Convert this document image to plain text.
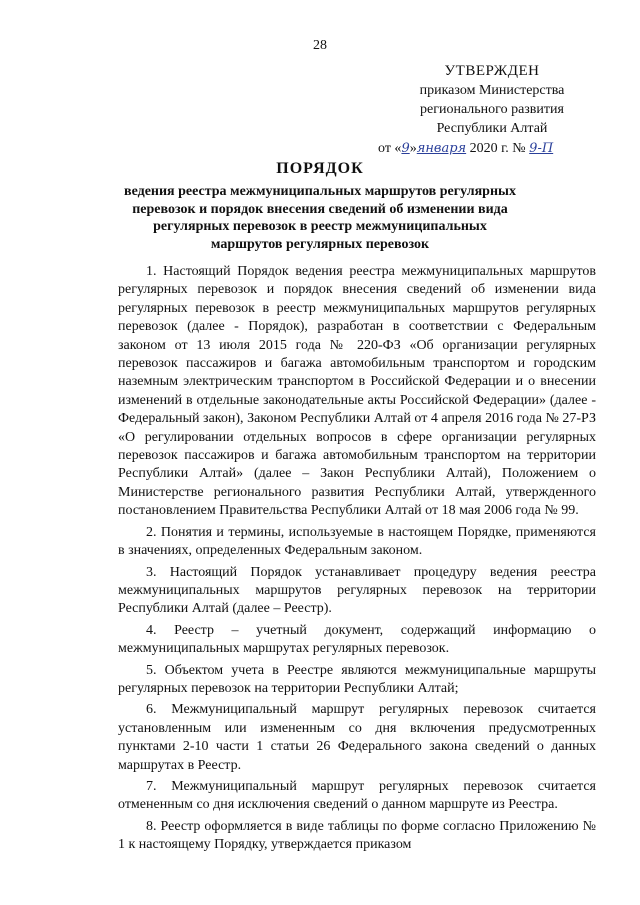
28
УТВЕРЖДЕН
приказом Министерства
регионального развития
Республики Алтай
от «9»января 2020 г. № 9-П
ПОРЯДОК
ведения реестра межмуниципальных маршрутов регулярных перевозок и порядок внесения сведений об изменении вида регулярных перевозок в реестр межмуниципальных маршрутов регулярных перевозок

1. Настоящий Порядок ведения реестра межмуниципальных маршрутов регулярных перевозок и порядок внесения сведений об изменении вида регулярных перевозок в реестр межмуниципальных маршрутов регулярных перевозок (далее - Порядок), разработан в соответствии с Федеральным законом от 13 июля 2015 года № 220-ФЗ «Об организации регулярных перевозок пассажиров и багажа автомобильным транспортом и городским наземным электрическим транспортом в Российской Федерации и о внесении изменений в отдельные законодательные акты Российской Федерации» (далее - Федеральный закон), Законом Республики Алтай от 4 апреля 2016 года № 27-РЗ «О регулировании отдельных вопросов в сфере организации регулярных перевозок пассажиров и багажа автомобильным транспортом на территории Республики Алтай» (далее – Закон Республики Алтай), Положением о Министерстве регионального развития Республики Алтай, утвержденного постановлением Правительства Республики Алтай от 18 мая 2006 года № 99.

2. Понятия и термины, используемые в настоящем Порядке, применяются в значениях, определенных Федеральным законом.

3. Настоящий Порядок устанавливает процедуру ведения реестра межмуниципальных маршрутов регулярных перевозок на территории Республики Алтай (далее – Реестр).

4. Реестр – учетный документ, содержащий информацию о межмуниципальных маршрутах регулярных перевозок.

5. Объектом учета в Реестре являются межмуниципальные маршруты регулярных перевозок на территории Республики Алтай;

6. Межмуниципальный маршрут регулярных перевозок считается установленным или измененным со дня включения предусмотренных пунктами 2-10 части 1 статьи 26 Федерального закона сведений о данных маршрутах в Реестр.

7. Межмуниципальный маршрут регулярных перевозок считается отмененным со дня исключения сведений о данном маршруте из Реестра.

8. Реестр оформляется в виде таблицы по форме согласно Приложению № 1 к настоящему Порядку, утверждается приказом
